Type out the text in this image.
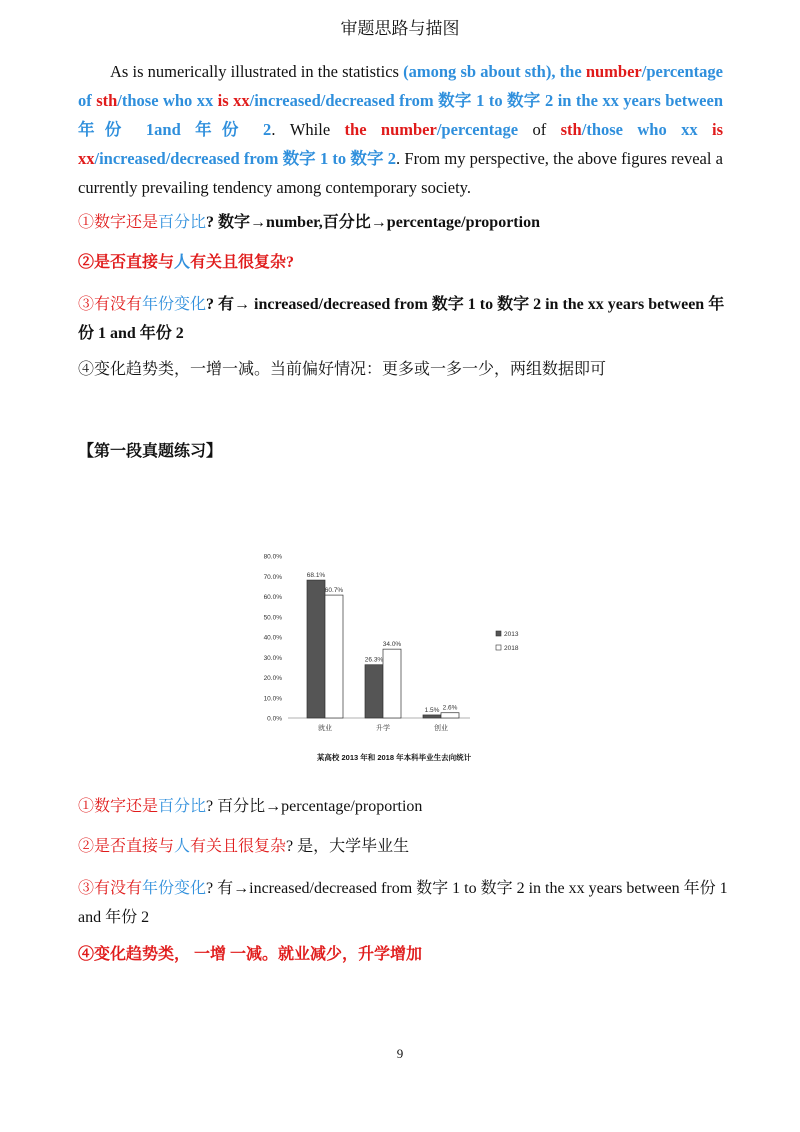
审题思路与描图
As is numerically illustrated in the statistics (among sb about sth), the number/percentage of sth/those who xx is xx/increased/decreased from 数字 1 to 数字 2 in the xx years between 年份 1and 年份 2. While the number/percentage of sth/those who xx is xx/increased/decreased from 数字 1 to 数字 2. From my perspective, the above figures reveal a currently prevailing tendency among contemporary society.
①数字还是百分比? 数字→number,百分比→percentage/proportion
②是否直接与人有关且很复杂?
③有没有年份变化? 有→ increased/decreased from 数字 1 to 数字 2 in the xx years between 年份 1 and 年份 2
④变化趋势类，一增一减。当前偏好情况：更多或一多一少，两组数据即可
【第一段真题练习】
0.0%
10.0%
20.0%
30.0%
40.0%
50.0%
60.0%
70.0%
80.0%
68.1%
60.7%
就业
26.3%
34.0%
升学
1.5% 2.6%
创业
2013
2018
某高校 2013 年和 2018 年本科毕业生去向统计
①数字还是百分比? 百分比→percentage/proportion
②是否直接与人有关且很复杂? 是，大学毕业生
③有没有年份变化? 有→increased/decreased from 数字 1 to 数字 2 in the xx years between 年份 1 and 年份 2
④变化趋势类， 一增 一减。就业减少，升学增加
9
